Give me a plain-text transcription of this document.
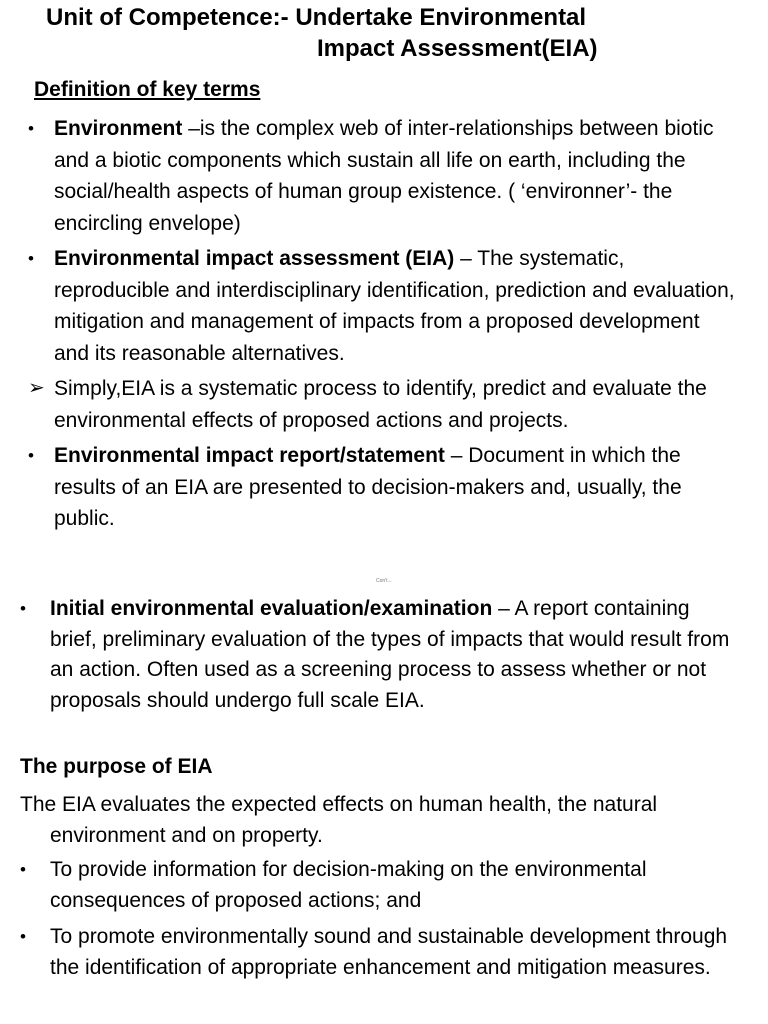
Unit of Competence:- Undertake Environmental
Impact Assessment(EIA)
Definition of key terms
• Environment –is the complex web of inter-relationships between biotic and a biotic components which sustain all life on earth, including the social/health aspects of human group existence. ( ‘environner’- the encircling envelope)
• Environmental impact assessment (EIA) – The systematic, reproducible and interdisciplinary identification, prediction and evaluation, mitigation and management of impacts from a proposed development and its reasonable alternatives.
➢ Simply,EIA is a systematic process to identify, predict and evaluate the environmental effects of proposed actions and projects.
• Environmental impact report/statement – Document in which the results of an EIA are presented to decision-makers and, usually, the public.
Con't...
•	Initial environmental evaluation/examination – A report containing brief, preliminary evaluation of the types of impacts that would result from an action. Often used as a screening process to assess whether or not proposals should undergo full scale EIA.
The purpose of EIA
The EIA evaluates the expected effects on human health, the natural environment and on property.
•	To provide information for decision-making on the environmental consequences of proposed actions; and
•	To promote environmentally sound and sustainable development through the identification of appropriate enhancement and mitigation measures.
